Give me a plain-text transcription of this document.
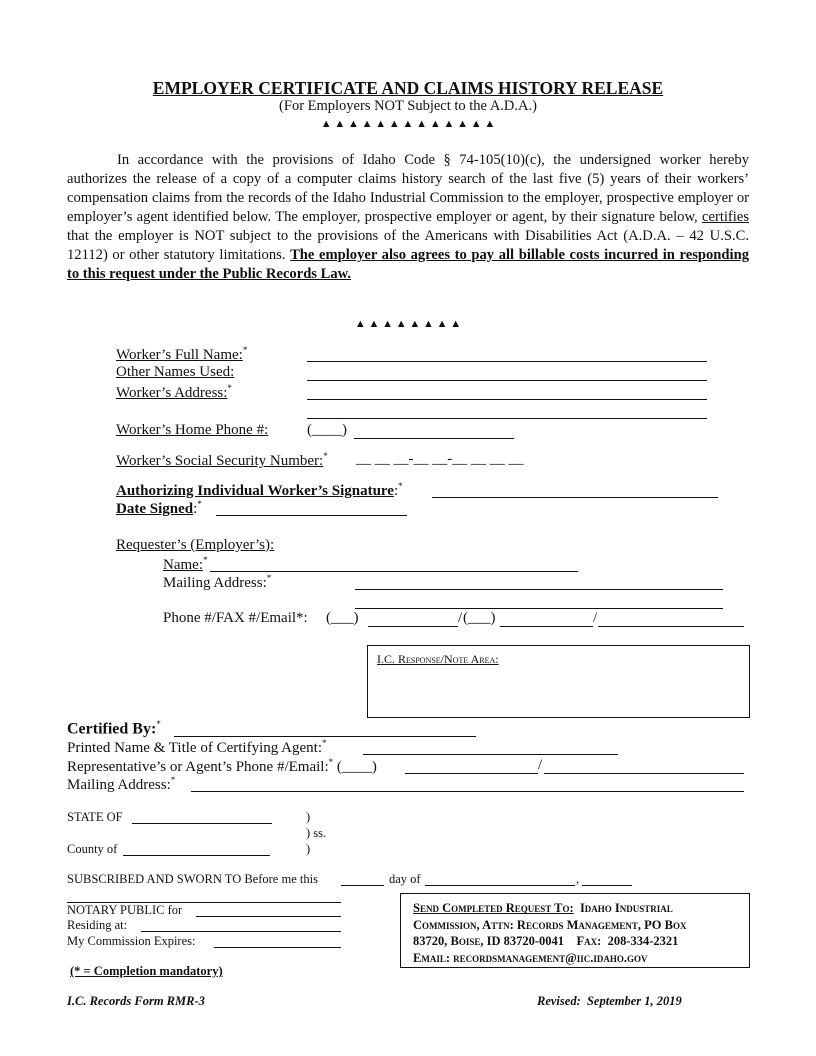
EMPLOYER CERTIFICATE AND CLAIMS HISTORY RELEASE
(For Employers NOT Subject to the A.D.A.)
▲ ▲ ▲ ▲ ▲ ▲ ▲ ▲ ▲ ▲ ▲ ▲ ▲
In accordance with the provisions of Idaho Code § 74-105(10)(c), the undersigned worker hereby authorizes the release of a copy of a computer claims history search of the last five (5) years of their workers’ compensation claims from the records of the Idaho Industrial Commission to the employer, prospective employer or employer’s agent identified below. The employer, prospective employer or agent, by their signature below, certifies that the employer is NOT subject to the provisions of the Americans with Disabilities Act (A.D.A. – 42 U.S.C. 12112) or other statutory limitations. The employer also agrees to pay all billable costs incurred in responding to this request under the Public Records Law.
▲ ▲ ▲ ▲ ▲ ▲ ▲ ▲
Worker’s Full Name:*
Other Names Used:
Worker’s Address:*
Worker’s Home Phone #:	(____)
Worker’s Social Security Number:* __ __ __-__ __-__ __ __ __
Authorizing Individual Worker’s Signature:*
Date Signed:*
Requester’s (Employer’s):
Name:*
Mailing Address:*
Phone #/FAX #/Email*: (___)	/ (___)	/
I.C. Response/Note Area:
Certified By:*
Printed Name & Title of Certifying Agent:*
Representative’s or Agent’s Phone #/Email:* (____)	/
Mailing Address:*
STATE OF	)
) ss.
County of	)
SUBSCRIBED AND SWORN TO Before me this	day of	,
NOTARY PUBLIC for
Residing at:
My Commission Expires:
Send Completed Request To: Idaho Industrial
Commission, Attn: Records Management, PO Box
83720, Boise, ID 83720-0041    Fax:  208-334-2321
Email: recordsmanagement@iic.idaho.gov
(* = Completion mandatory)
I.C. Records Form RMR-3	Revised:  September 1, 2019
